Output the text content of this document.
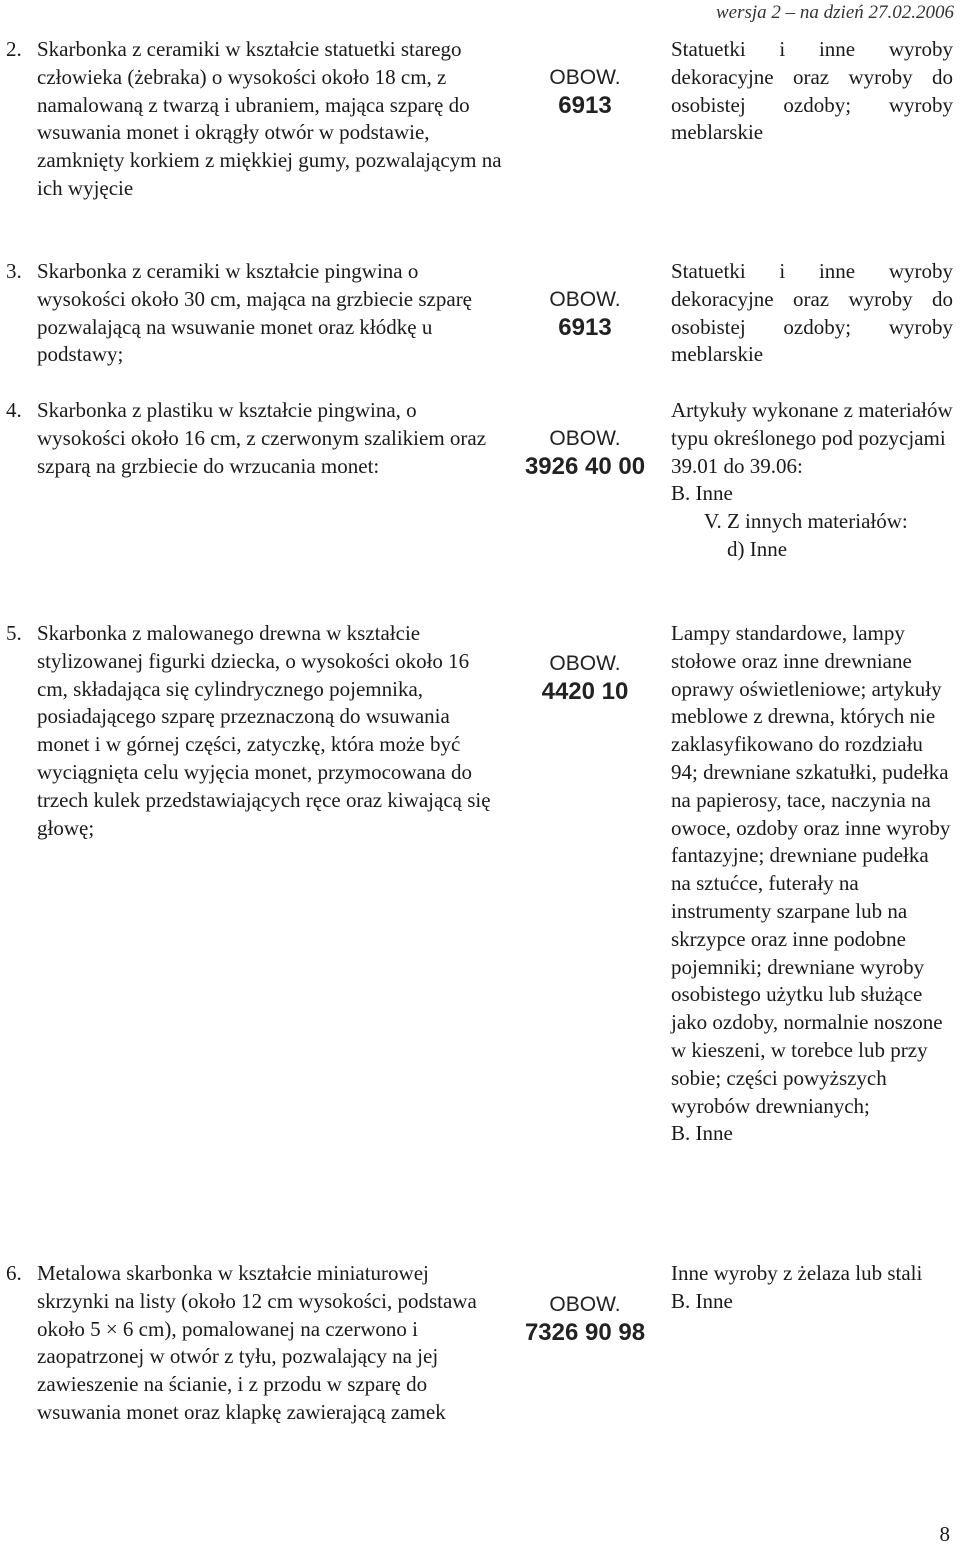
wersja 2 – na dzień 27.02.2006
2. Skarbonka z ceramiki w kształcie statuetki starego człowieka (żebraka) o wysokości około 18 cm, z namalowaną z twarzą i ubraniem, mająca szparę do wsuwania monet i okrągły otwór w podstawie, zamknięty korkiem z miękkiej gumy, pozwalającym na ich wyjęcie
OBOW.
6913
Statuetki i inne wyroby dekoracyjne oraz wyroby do osobistej ozdoby; wyroby meblarskie
3. Skarbonka z ceramiki w kształcie pingwina o wysokości około 30 cm, mająca na grzbiecie szparę pozwalającą na wsuwanie monet oraz kłódkę u podstawy;
OBOW.
6913
Statuetki i inne wyroby dekoracyjne oraz wyroby do osobistej ozdoby; wyroby meblarskie
4. Skarbonka z plastiku w kształcie pingwina, o wysokości około 16 cm, z czerwonym szalikiem oraz szparą na grzbiecie do wrzucania monet:
OBOW.
3926 40 00
Artykuły wykonane z materiałów typu określonego pod pozycjami 39.01 do 39.06:
B. Inne
V. Z innych materiałów:
d) Inne
5. Skarbonka z malowanego drewna w kształcie stylizowanej figurki dziecka, o wysokości około 16 cm, składająca się cylindrycznego pojemnika, posiadającego szparę przeznaczoną do wsuwania monet i w górnej części, zatyczkę, która może być wyciągnięta celu wyjęcia monet, przymocowana do trzech kulek przedstawiających ręce oraz kiwającą się głowę;
OBOW.
4420 10
Lampy standardowe, lampy stołowe oraz inne drewniane oprawy oświetleniowe; artykuły meblowe z drewna, których nie zaklasyfikowano do rozdziału 94; drewniane szkatułki, pudełka na papierosy, tace, naczynia na owoce, ozdoby oraz inne wyroby fantazyjne; drewniane pudełka na sztućce, futerały na instrumenty szarpane lub na skrzypce oraz inne podobne pojemniki; drewniane wyroby osobistego użytku lub służące jako ozdoby, normalnie noszone w kieszeni, w torebce lub przy sobie; części powyższych wyrobów drewnianych;
B. Inne
6. Metalowa skarbonka w kształcie miniaturowej skrzynki na listy (około 12 cm wysokości, podstawa około 5 × 6 cm), pomalowanej na czerwono i zaopatrzonej w otwór z tyłu, pozwalający na jej zawieszenie na ścianie, i z przodu w szparę do wsuwania monet oraz klapkę zawierającą zamek
OBOW.
7326 90 98
Inne wyroby z żelaza lub stali
B. Inne
8
